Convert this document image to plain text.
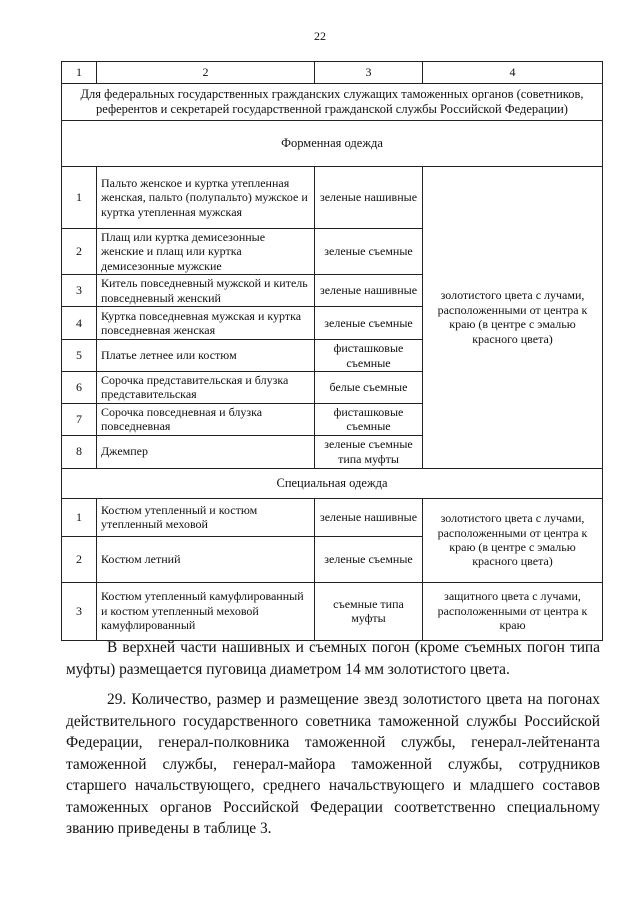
22
1	2	3	4
Для федеральных государственных гражданских служащих таможенных органов (советников, референтов и секретарей государственной гражданской службы Российской Федерации)			
Форменная одежда			
1	Пальто женское и куртка утепленная женская, пальто (полупальто) мужское и куртка утепленная мужская	зеленые нашивные	золотистого цвета с лучами, расположенными от центра к краю (в центре с эмалью красного цвета)
2	Плащ или куртка демисезонные женские и плащ или куртка демисезонные мужские	зеленые съемные	
3	Китель повседневный мужской и китель повседневный женский	зеленые нашивные	
4	Куртка повседневная мужская и куртка повседневная женская	зеленые съемные	
5	Платье летнее или костюм	фисташковые съемные	
6	Сорочка представительская и блузка представительская	белые съемные	
7	Сорочка повседневная и блузка повседневная	фисташковые съемные	
8	Джемпер	зеленые съемные типа муфты	
Специальная одежда			
1	Костюм утепленный и костюм утепленный меховой	зеленые нашивные	золотистого цвета с лучами, расположенными от центра к краю (в центре с эмалью красного цвета)
2	Костюм летний	зеленые съемные	
3	Костюм утепленный камуфлированный и костюм утепленный меховой камуфлированный	съемные типа муфты	защитного цвета с лучами, расположенными от центра к краю

В верхней части нашивных и съемных погон (кроме съемных погон типа муфты) размещается пуговица диаметром 14 мм золотистого цвета.

29. Количество, размер и размещение звезд золотистого цвета на погонах действительного государственного советника таможенной службы Российской Федерации, генерал-полковника таможенной службы, генерал-лейтенанта таможенной службы, генерал-майора таможенной службы, сотрудников старшего начальствующего, среднего начальствующего и младшего составов таможенных органов Российской Федерации соответственно специальному званию приведены в таблице 3.
